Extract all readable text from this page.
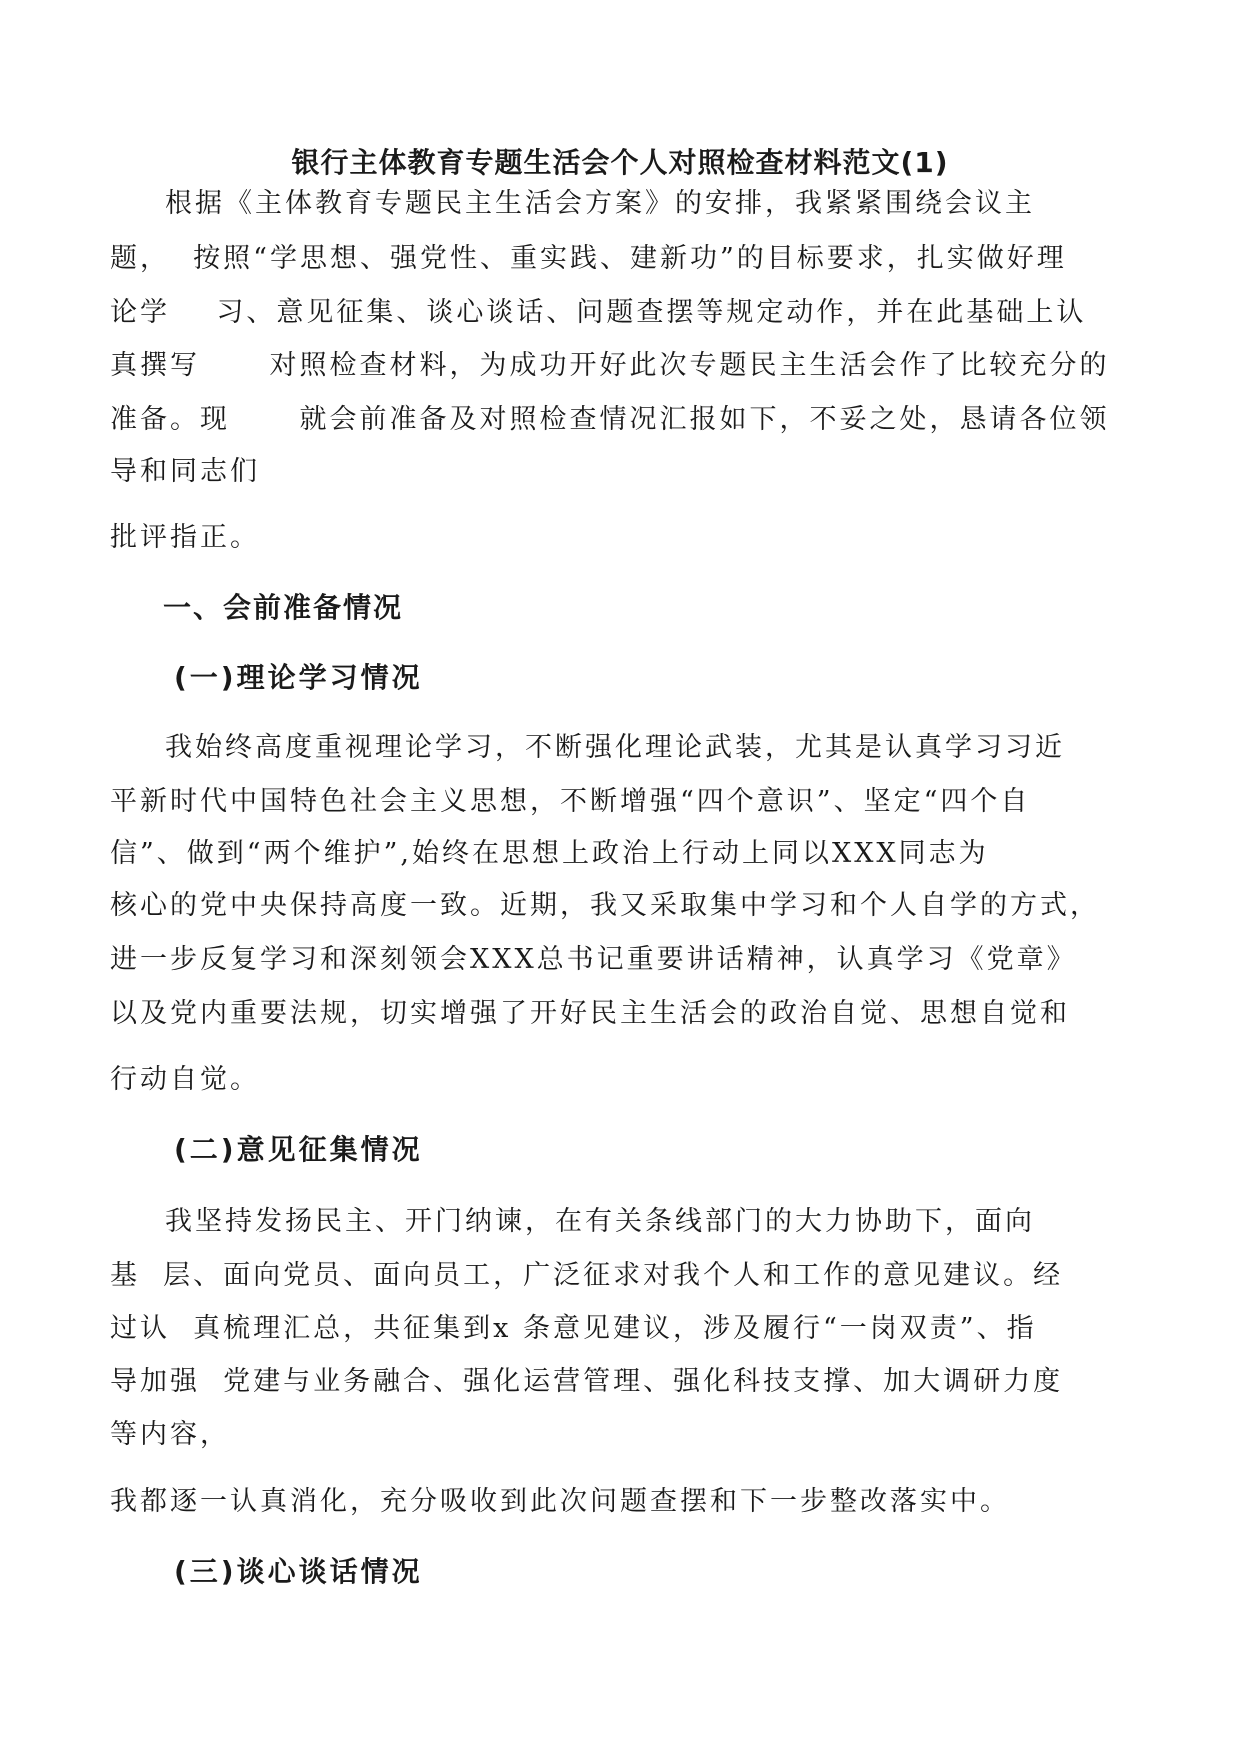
银行主体教育专题生活会个人对照检查材料范文(1)
根据《主体教育专题民主生活会方案》的安排，我紧紧围绕会议主
题，  按照“学思想、强党性、重实践、建新功”的目标要求，扎实做好理
论学    习、意见征集、谈心谈话、问题查摆等规定动作，并在此基础上认
真撰写      对照检查材料，为成功开好此次专题民主生活会作了比较充分的
准备。现      就会前准备及对照检查情况汇报如下，不妥之处，恳请各位领
导和同志们
批评指正。
一、会前准备情况
(一)理论学习情况
我始终高度重视理论学习，不断强化理论武装，尤其是认真学习习近
平新时代中国特色社会主义思想，不断增强“四个意识”、坚定“四个自
信”、做到“两个维护”,始终在思想上政治上行动上同以XXX同志为
核心的党中央保持高度一致。近期，我又采取集中学习和个人自学的方式，
进一步反复学习和深刻领会XXX总书记重要讲话精神，认真学习《党章》
以及党内重要法规，切实增强了开好民主生活会的政治自觉、思想自觉和
行动自觉。
(二)意见征集情况
我坚持发扬民主、开门纳谏，在有关条线部门的大力协助下，面向
基  层、面向党员、面向员工，广泛征求对我个人和工作的意见建议。经
过认  真梳理汇总，共征集到x 条意见建议，涉及履行“一岗双责”、指
导加强  党建与业务融合、强化运营管理、强化科技支撑、加大调研力度
等内容，
我都逐一认真消化，充分吸收到此次问题查摆和下一步整改落实中。
(三)谈心谈话情况
